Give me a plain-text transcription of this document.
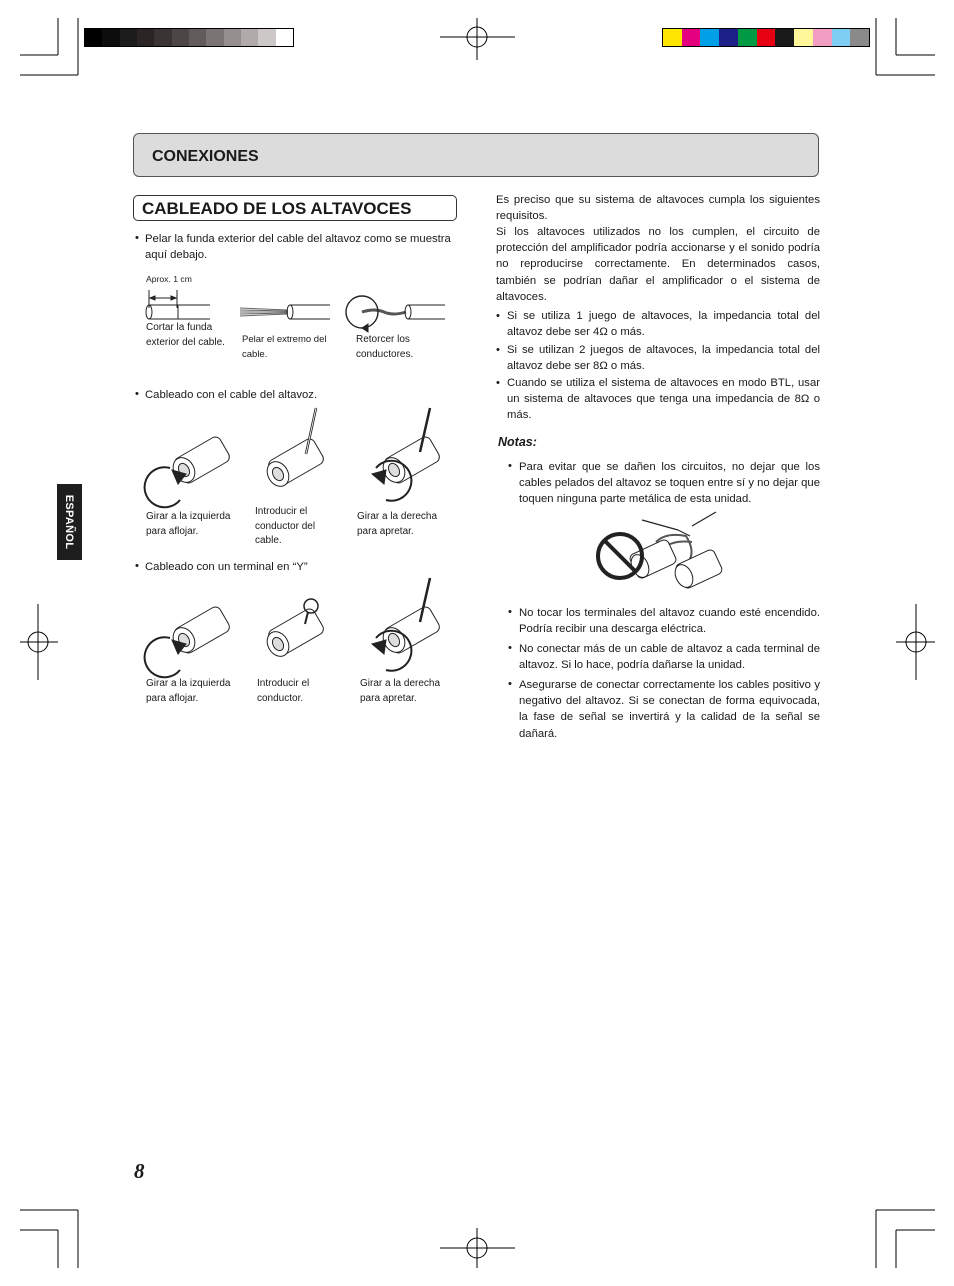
CONEXIONES
ESPAÑOL
CABLEADO DE LOS ALTAVOCES
• Pelar la funda exterior del cable del altavoz como se muestra aquí debajo.
Aprox. 1 cm
Cortar la funda exterior del cable. Pelar el extremo del cable.
Retorcer los conductores.
• Cableado con el cable del altavoz.
Girar a la izquierda para aflojar.
Introducir el conductor del cable.
Girar a la derecha para apretar.
• Cableado con un terminal en “Y”
Girar a la izquierda para aflojar.
Introducir el conductor.
Girar a la derecha para apretar.
Es preciso que su sistema de altavoces cumpla los siguientes requisitos.
Si los altavoces utilizados no los cumplen, el circuito de protección del amplificador podría accionarse y el sonido podría no reproducirse correctamente. En determinados casos, también se podrían dañar el amplificador o el sistema de altavoces.
• Si se utiliza 1 juego de altavoces, la impedancia total del altavoz debe ser 4Ω o más.
• Si se utilizan 2 juegos de altavoces, la impedancia total del altavoz debe ser 8Ω o más.
• Cuando se utiliza el sistema de altavoces en modo BTL, usar un sistema de altavoces que tenga una impedancia de 8Ω o más.
Notas:
• Para evitar que se dañen los circuitos, no dejar que los cables pelados del altavoz se toquen entre sí y no dejar que toquen ninguna parte metálica de esta unidad.
• No tocar los terminales del altavoz cuando esté encendido. Podría recibir una descarga eléctrica.
• No conectar más de un cable de altavoz a cada terminal de altavoz. Si lo hace, podría dañarse la unidad.
• Asegurarse de conectar correctamente los cables positivo y negativo del altavoz. Si se conectan de forma equivocada, la fase de señal se invertirá y la calidad de la señal se dañará.
8
